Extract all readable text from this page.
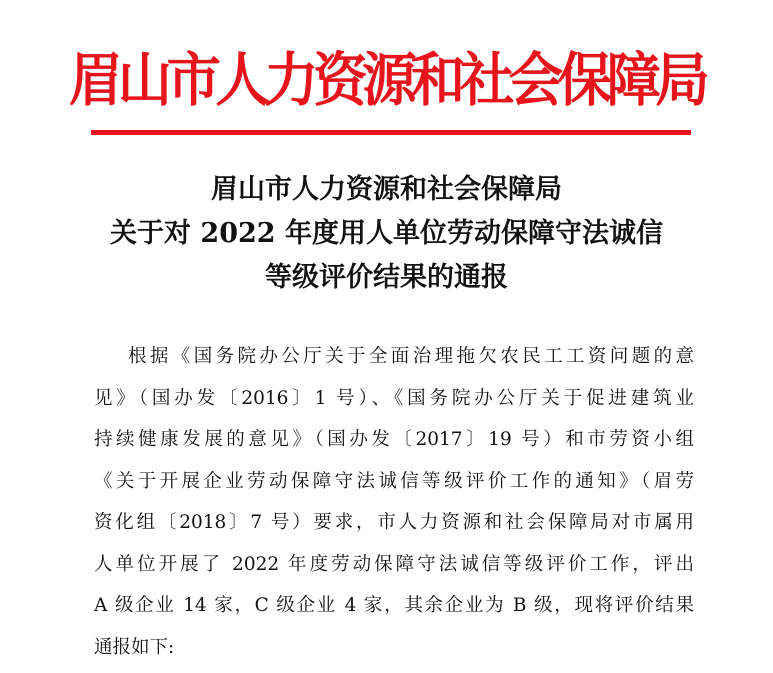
眉山市人力资源和社会保障局
眉山市人力资源和社会保障局
关于对 2022 年度用人单位劳动保障守法诚信
等级评价结果的通报
根据《国务院办公厅关于全面治理拖欠农民工工资问题的意
见》（国办发〔2016〕1 号）、《国务院办公厅关于促进建筑业
持续健康发展的意见》（国办发〔2017〕19 号）和市劳资小组
《关于开展企业劳动保障守法诚信等级评价工作的通知》（眉劳
资化组〔2018〕7 号）要求，市人力资源和社会保障局对市属用
人单位开展了 2022 年度劳动保障守法诚信等级评价工作，评出
A 级企业 14 家，C 级企业 4 家，其余企业为 B 级，现将评价结果
通报如下:
